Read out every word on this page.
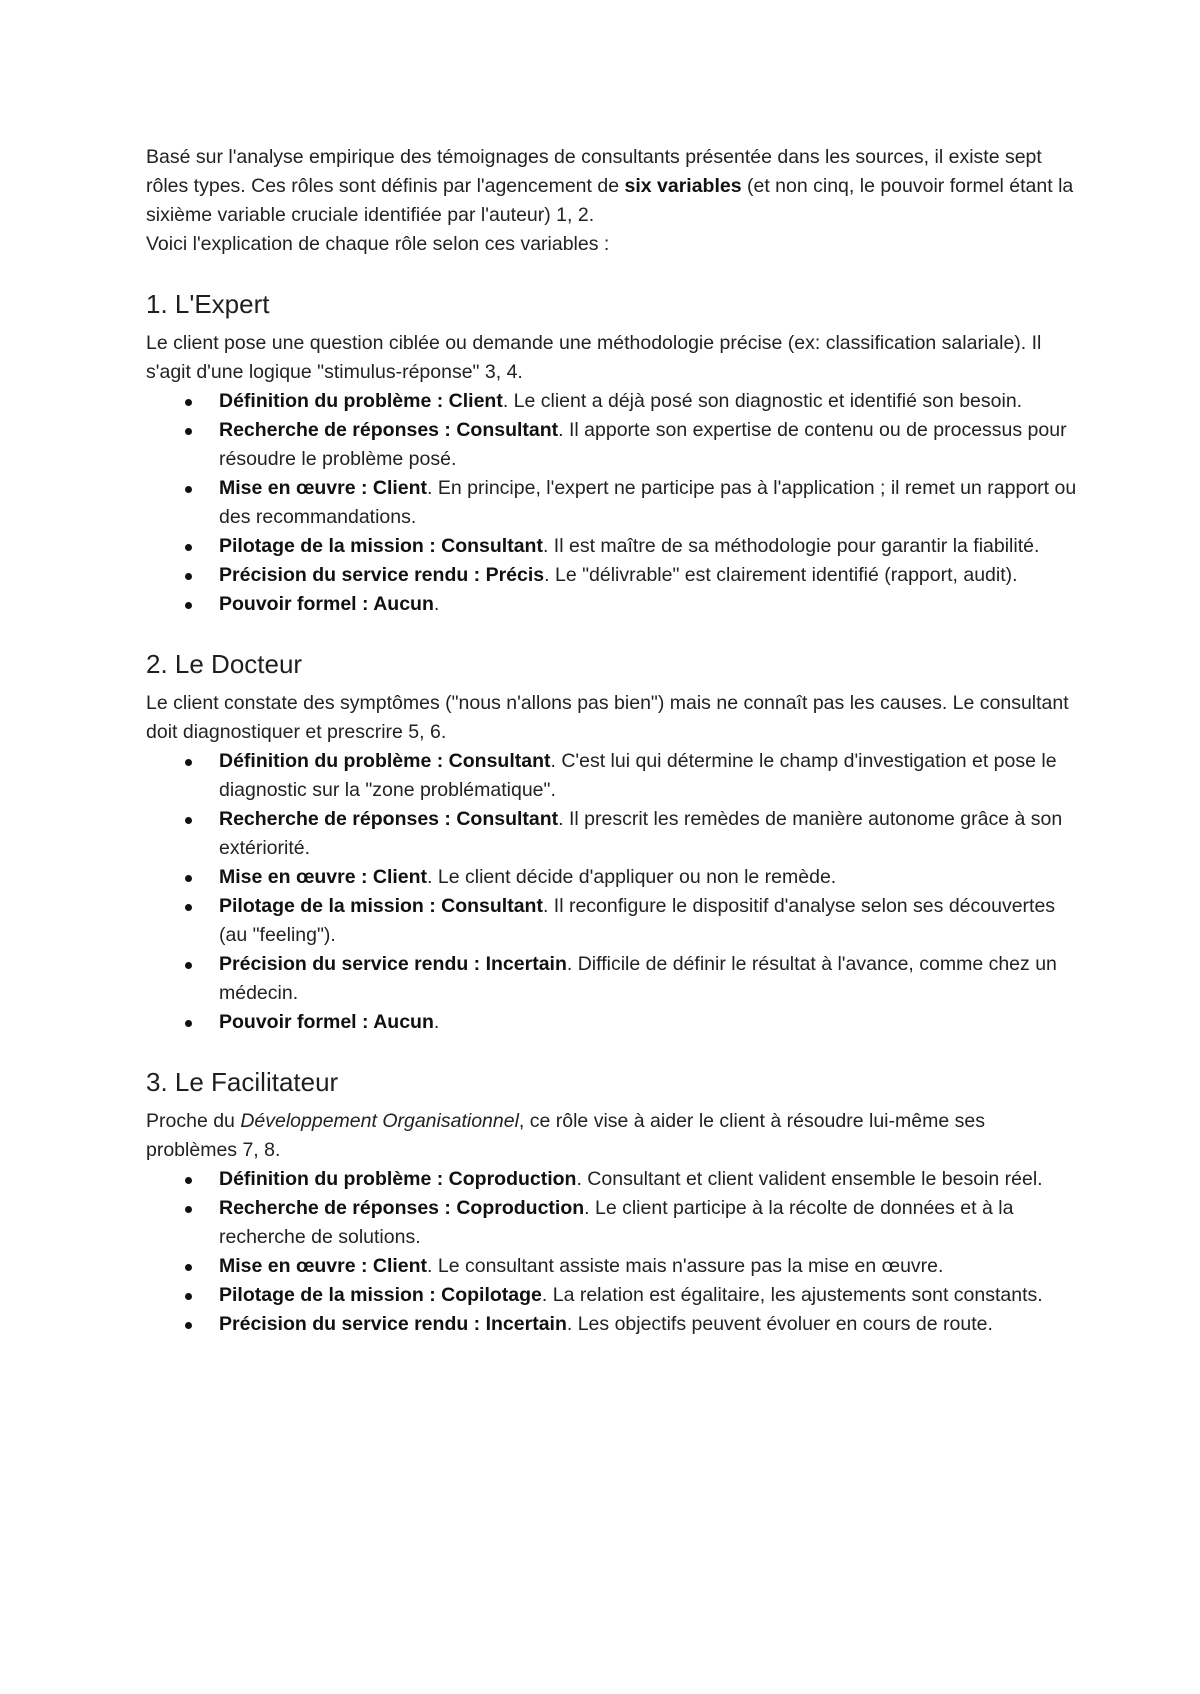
Basé sur l'analyse empirique des témoignages de consultants présentée dans les sources, il existe sept rôles types. Ces rôles sont définis par l'agencement de six variables (et non cinq, le pouvoir formel étant la sixième variable cruciale identifiée par l'auteur) 1, 2.

Voici l'explication de chaque rôle selon ces variables :

1. L'Expert

Le client pose une question ciblée ou demande une méthodologie précise (ex: classification salariale). Il s'agit d'une logique "stimulus-réponse" 3, 4.

Définition du problème : Client. Le client a déjà posé son diagnostic et identifié son besoin.
Recherche de réponses : Consultant. Il apporte son expertise de contenu ou de processus pour résoudre le problème posé.
Mise en œuvre : Client. En principe, l'expert ne participe pas à l'application ; il remet un rapport ou des recommandations.
Pilotage de la mission : Consultant. Il est maître de sa méthodologie pour garantir la fiabilité.
Précision du service rendu : Précis. Le "délivrable" est clairement identifié (rapport, audit).
Pouvoir formel : Aucun.
2. Le Docteur

Le client constate des symptômes ("nous n'allons pas bien") mais ne connaît pas les causes. Le consultant doit diagnostiquer et prescrire 5, 6.

Définition du problème : Consultant. C'est lui qui détermine le champ d'investigation et pose le diagnostic sur la "zone problématique".
Recherche de réponses : Consultant. Il prescrit les remèdes de manière autonome grâce à son extériorité.
Mise en œuvre : Client. Le client décide d'appliquer ou non le remède.
Pilotage de la mission : Consultant. Il reconfigure le dispositif d'analyse selon ses découvertes (au "feeling").
Précision du service rendu : Incertain. Difficile de définir le résultat à l'avance, comme chez un médecin.
Pouvoir formel : Aucun.
3. Le Facilitateur

Proche du Développement Organisationnel, ce rôle vise à aider le client à résoudre lui-même ses problèmes 7, 8.

Définition du problème : Coproduction. Consultant et client valident ensemble le besoin réel.
Recherche de réponses : Coproduction. Le client participe à la récolte de données et à la recherche de solutions.
Mise en œuvre : Client. Le consultant assiste mais n'assure pas la mise en œuvre.
Pilotage de la mission : Copilotage. La relation est égalitaire, les ajustements sont constants.
Précision du service rendu : Incertain. Les objectifs peuvent évoluer en cours de route.
